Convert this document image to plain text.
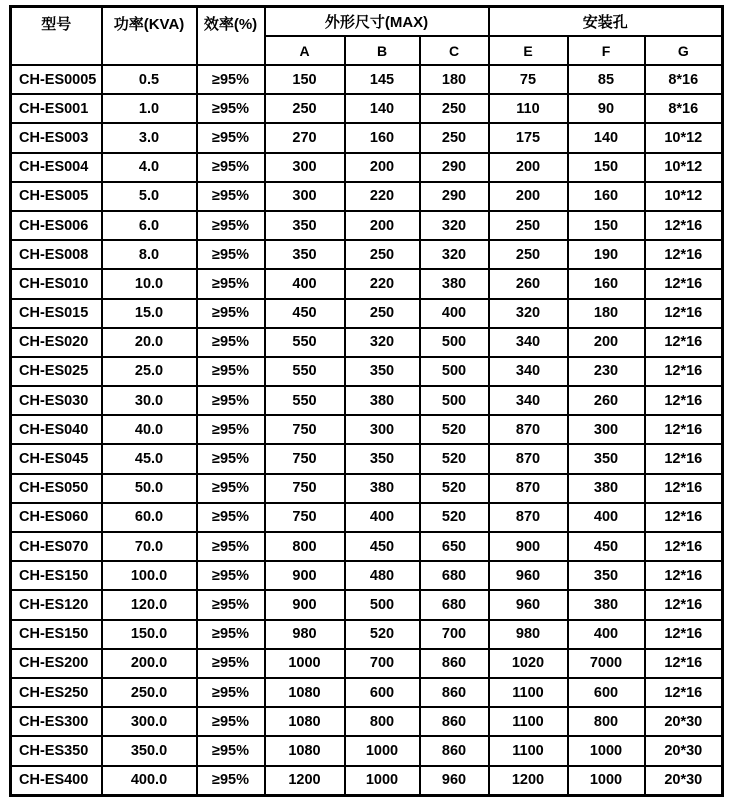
型号	功率(KVA)	效率(%)	外形尺寸(MAX)			安装孔		
			A	B	C	E	F	G
CH-ES0005	0.5	≥95%	150	145	180	75	85	8*16
CH-ES001	1.0	≥95%	250	140	250	110	90	8*16
CH-ES003	3.0	≥95%	270	160	250	175	140	10*12
CH-ES004	4.0	≥95%	300	200	290	200	150	10*12
CH-ES005	5.0	≥95%	300	220	290	200	160	10*12
CH-ES006	6.0	≥95%	350	200	320	250	150	12*16
CH-ES008	8.0	≥95%	350	250	320	250	190	12*16
CH-ES010	10.0	≥95%	400	220	380	260	160	12*16
CH-ES015	15.0	≥95%	450	250	400	320	180	12*16
CH-ES020	20.0	≥95%	550	320	500	340	200	12*16
CH-ES025	25.0	≥95%	550	350	500	340	230	12*16
CH-ES030	30.0	≥95%	550	380	500	340	260	12*16
CH-ES040	40.0	≥95%	750	300	520	870	300	12*16
CH-ES045	45.0	≥95%	750	350	520	870	350	12*16
CH-ES050	50.0	≥95%	750	380	520	870	380	12*16
CH-ES060	60.0	≥95%	750	400	520	870	400	12*16
CH-ES070	70.0	≥95%	800	450	650	900	450	12*16
CH-ES150	100.0	≥95%	900	480	680	960	350	12*16
CH-ES120	120.0	≥95%	900	500	680	960	380	12*16
CH-ES150	150.0	≥95%	980	520	700	980	400	12*16
CH-ES200	200.0	≥95%	1000	700	860	1020	7000	12*16
CH-ES250	250.0	≥95%	1080	600	860	1100	600	12*16
CH-ES300	300.0	≥95%	1080	800	860	1100	800	20*30
CH-ES350	350.0	≥95%	1080	1000	860	1100	1000	20*30
CH-ES400	400.0	≥95%	1200	1000	960	1200	1000	20*30
